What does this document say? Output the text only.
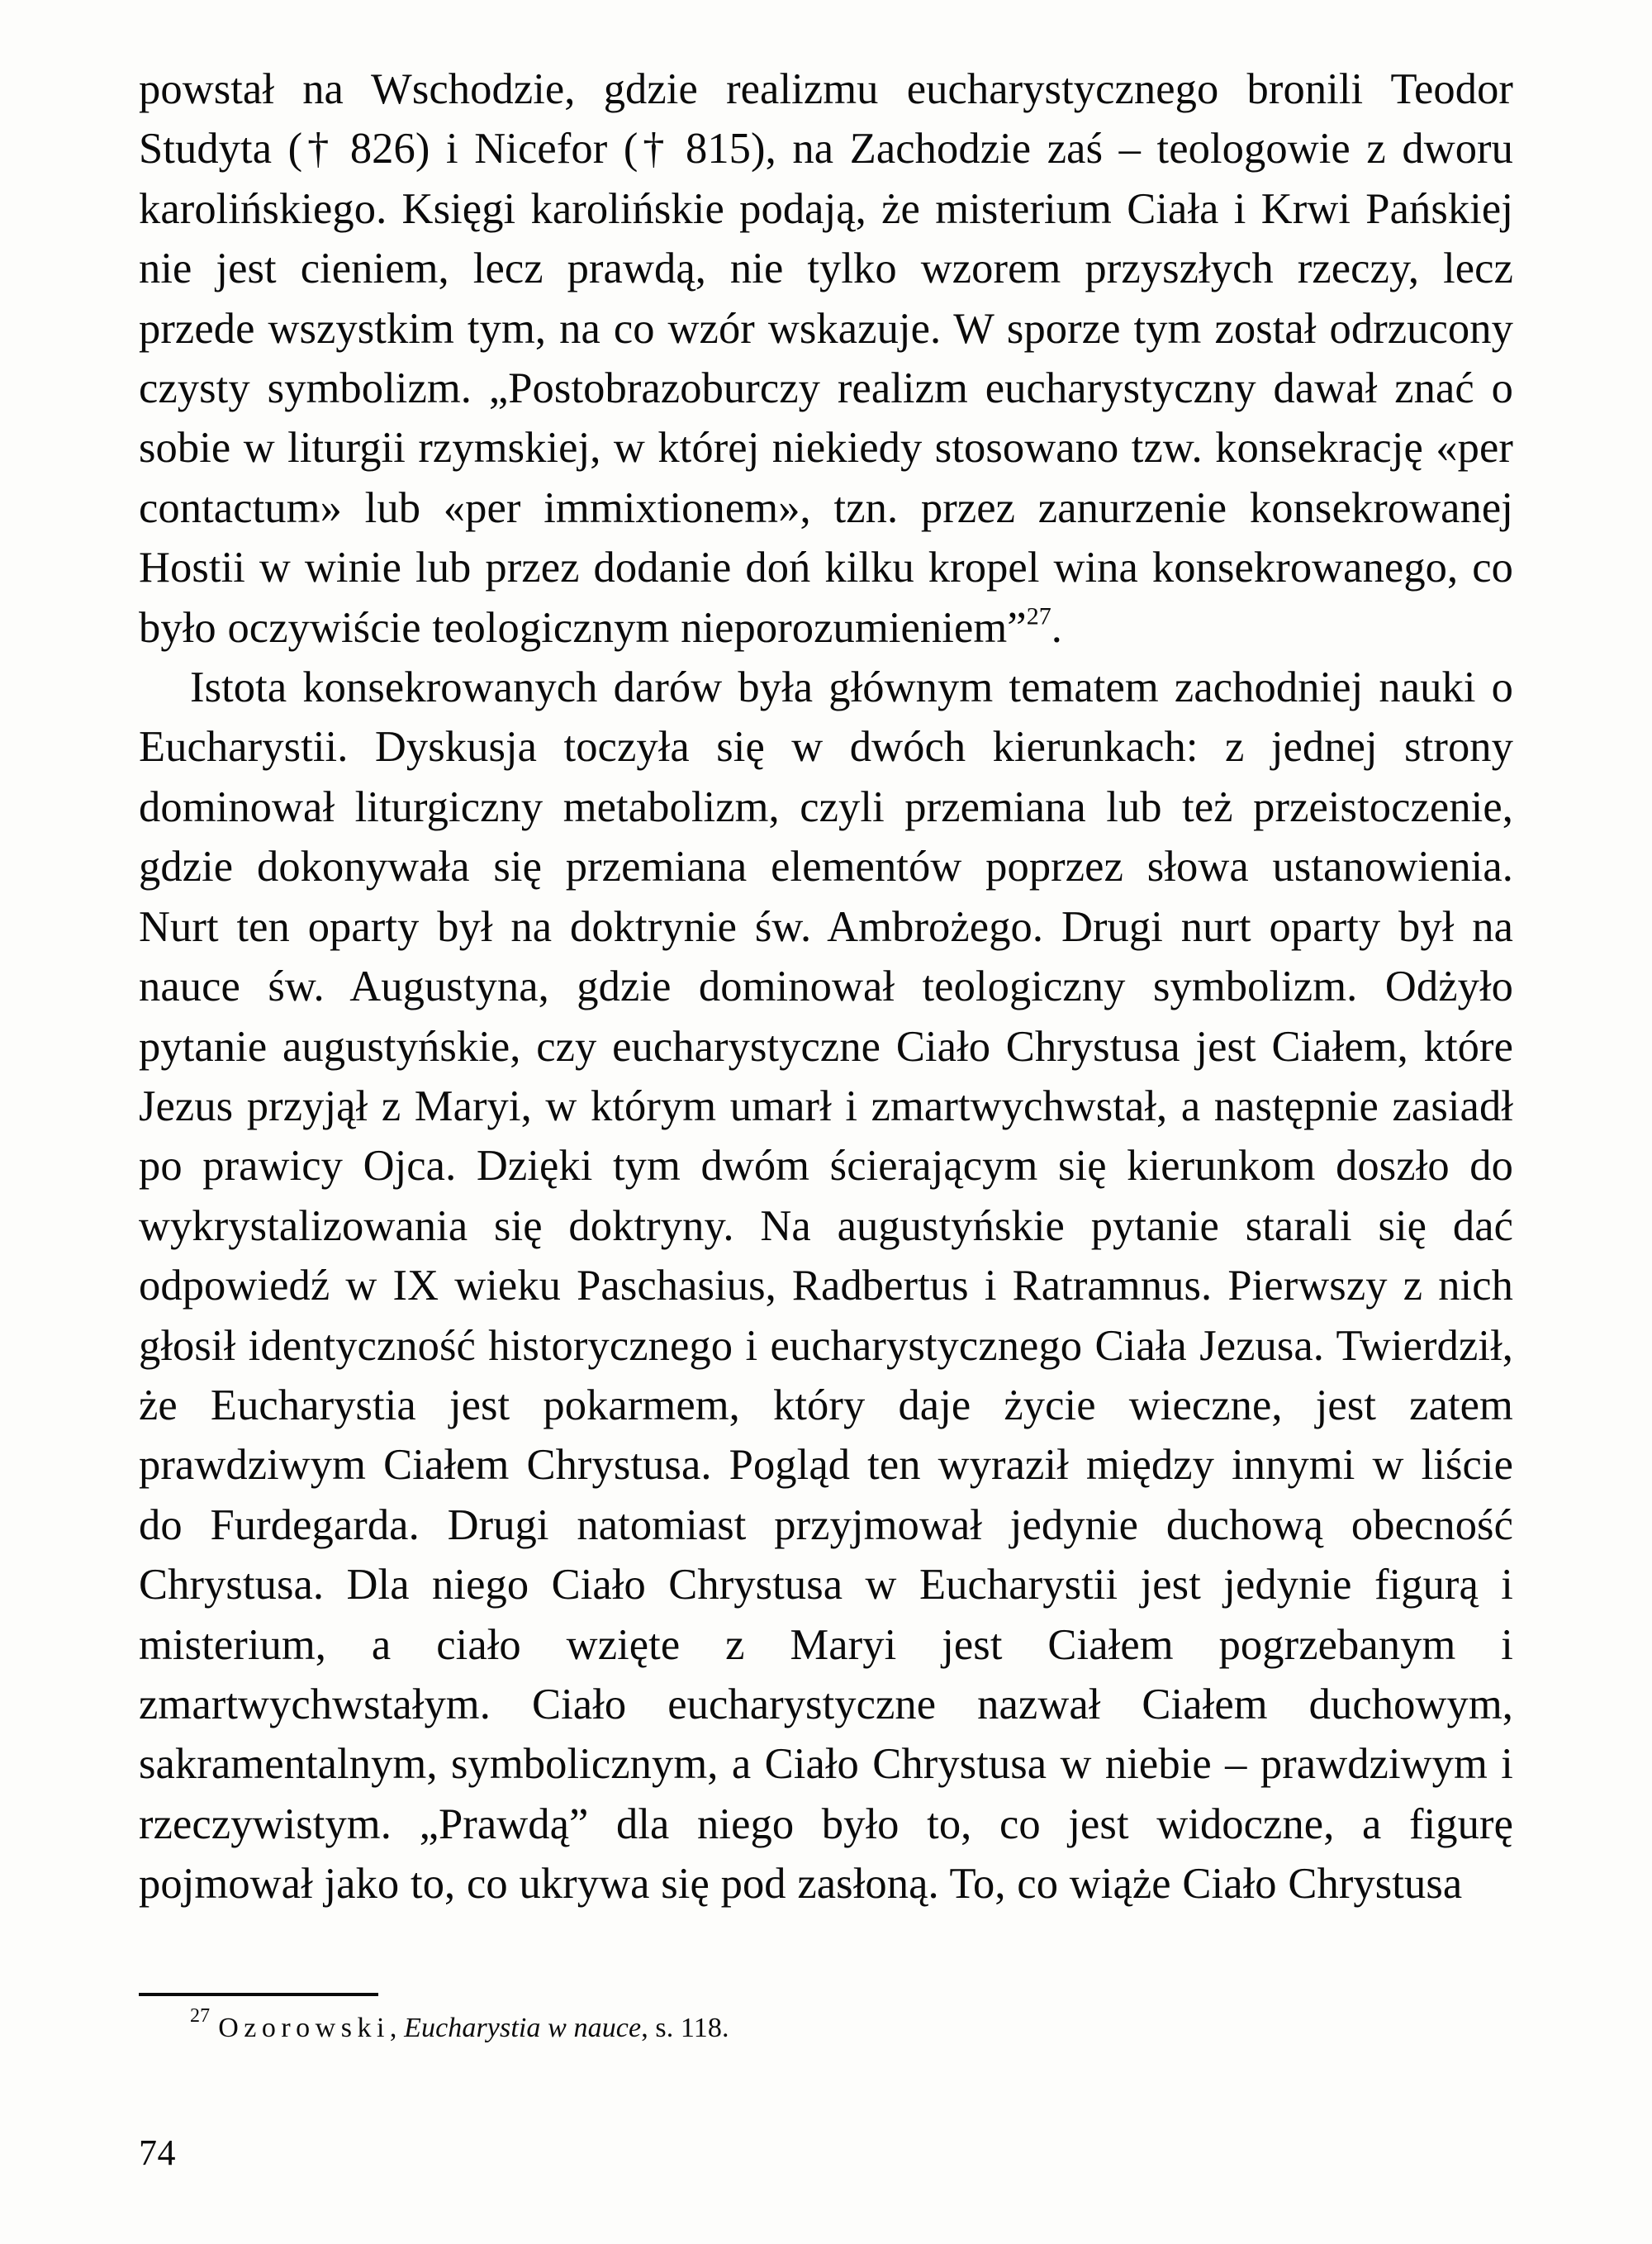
powstał na Wschodzie, gdzie realizmu eucharystycznego bronili Teodor Studyta († 826) i Nicefor († 815), na Zachodzie zaś – teologowie z dworu karolińskiego. Księgi karolińskie podają, że misterium Ciała i Krwi Pańskiej nie jest cieniem, lecz prawdą, nie tylko wzorem przyszłych rzeczy, lecz przede wszystkim tym, na co wzór wskazuje. W sporze tym został odrzucony czysty symbolizm. „Postobrazoburczy realizm eucharystyczny dawał znać o sobie w liturgii rzymskiej, w której niekiedy stosowano tzw. konsekrację «per contactum» lub «per immixtionem», tzn. przez zanurzenie konsekrowanej Hostii w winie lub przez dodanie doń kilku kropel wina konsekrowanego, co było oczywiście teologicznym nieporozumieniem”$^{27}$.

Istota konsekrowanych darów była głównym tematem zachodniej nauki o Eucharystii. Dyskusja toczyła się w dwóch kierunkach: z jednej strony dominował liturgiczny metabolizm, czyli przemiana lub też przeistoczenie, gdzie dokonywała się przemiana elementów poprzez słowa ustanowienia. Nurt ten oparty był na doktrynie św. Ambrożego. Drugi nurt oparty był na nauce św. Augustyna, gdzie dominował teologiczny symbolizm. Odżyło pytanie augustyńskie, czy eucharystyczne Ciało Chrystusa jest Ciałem, które Jezus przyjął z Maryi, w którym umarł i zmartwychwstał, a następnie zasiadł po prawicy Ojca. Dzięki tym dwóm ścierającym się kierunkom doszło do wykrystalizowania się doktryny. Na augustyńskie pytanie starali się dać odpowiedź w IX wieku Paschasius, Radbertus i Ratramnus. Pierwszy z nich głosił identyczność historycznego i eucharystycznego Ciała Jezusa. Twierdził, że Eucharystia jest pokarmem, który daje życie wieczne, jest zatem prawdziwym Ciałem Chrystusa. Pogląd ten wyraził między innymi w liście do Furdegarda. Drugi natomiast przyjmował jedynie duchową obecność Chrystusa. Dla niego Ciało Chrystusa w Eucharystii jest jedynie figurą i misterium, a ciało wzięte z Maryi jest Ciałem pogrzebanym i zmartwychwstałym. Ciało eucharystyczne nazwał Ciałem duchowym, sakramentalnym, symbolicznym, a Ciało Chrystusa w niebie – prawdziwym i rzeczywistym. „Prawdą” dla niego było to, co jest widoczne, a figurę pojmował jako to, co ukrywa się pod zasłoną. To, co wiąże Ciało Chrystusa

$^{27}$ Ozorowski, Eucharystia w nauce, s. 118.

74
